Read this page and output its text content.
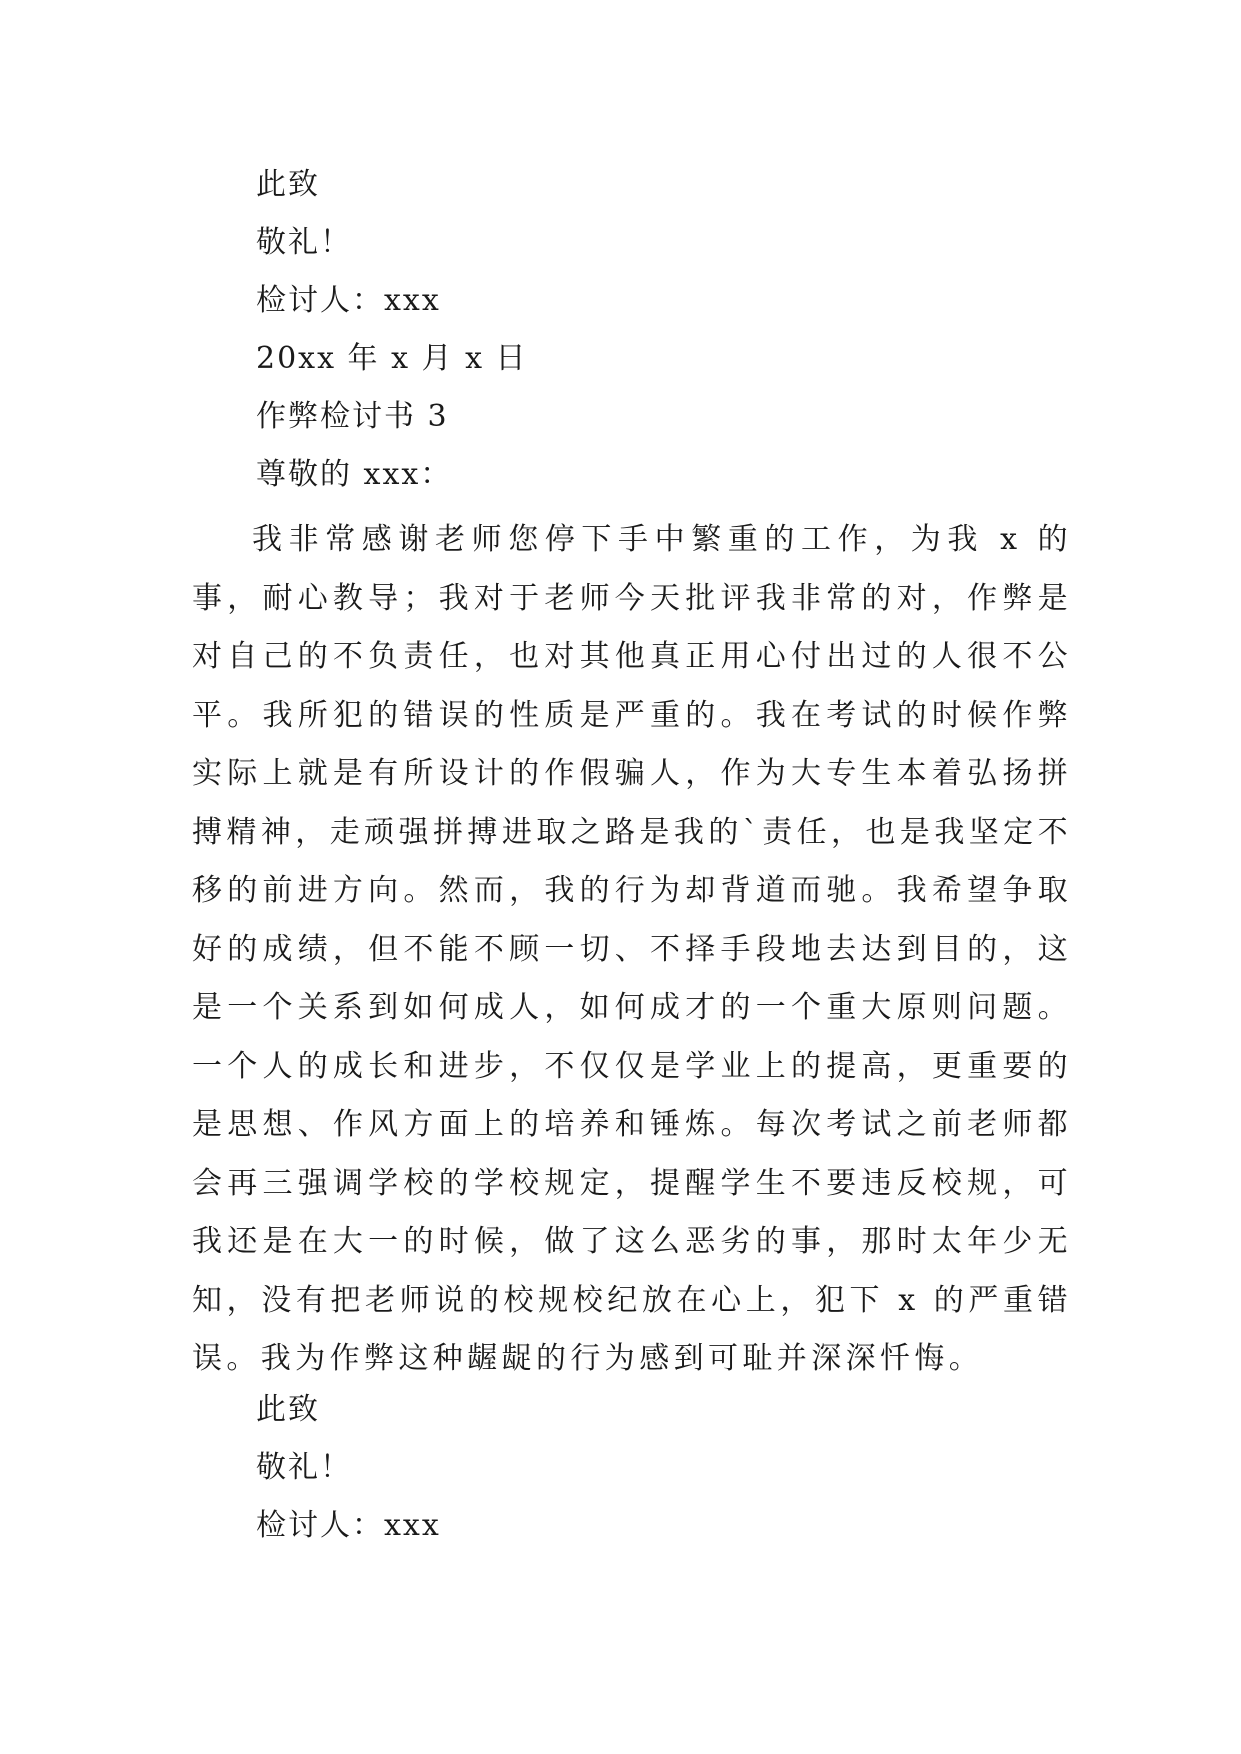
此致
敬礼！
检讨人：xxx
20xx 年 x 月 x 日
作弊检讨书 3
尊敬的 xxx：

我非常感谢老师您停下手中繁重的工作，为我 x 的事，耐心教导；我对于老师今天批评我非常的对，作弊是对自己的不负责任，也对其他真正用心付出过的人很不公平。我所犯的错误的性质是严重的。我在考试的时候作弊实际上就是有所设计的作假骗人，作为大专生本着弘扬拼搏精神，走顽强拼搏进取之路是我的`责任，也是我坚定不移的前进方向。然而，我的行为却背道而驰。我希望争取好的成绩，但不能不顾一切、不择手段地去达到目的，这是一个关系到如何成人，如何成才的一个重大原则问题。一个人的成长和进步，不仅仅是学业上的提高，更重要的是思想、作风方面上的培养和锤炼。每次考试之前老师都会再三强调学校的学校规定，提醒学生不要违反校规，可我还是在大一的时候，做了这么恶劣的事，那时太年少无知，没有把老师说的校规校纪放在心上，犯下 x 的严重错误。我为作弊这种龌龊的行为感到可耻并深深忏悔。

此致
敬礼！
检讨人：xxx
